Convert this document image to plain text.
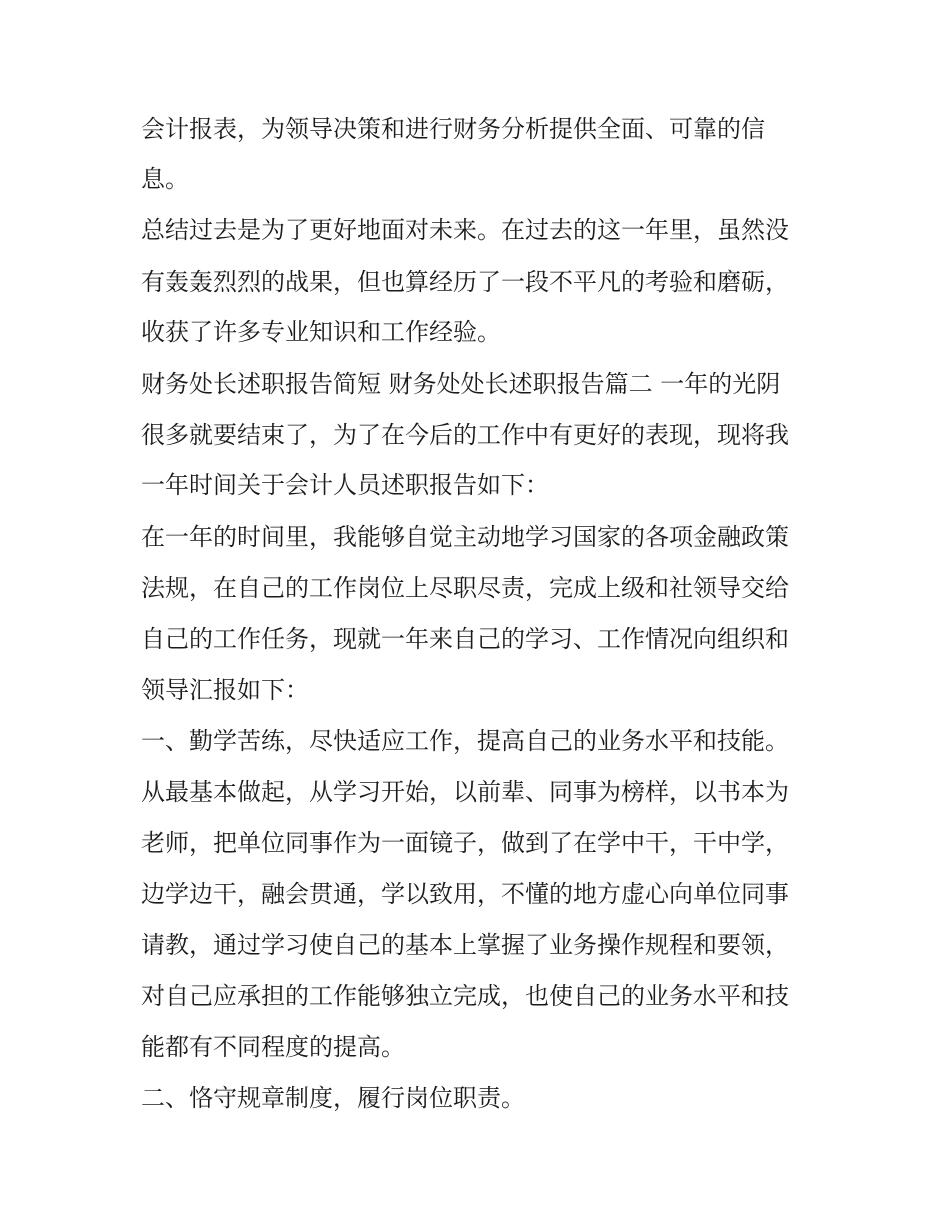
会计报表，为领导决策和进行财务分析提供全面、可靠的信
息。
总结过去是为了更好地面对未来。在过去的这一年里，虽然没
有轰轰烈烈的战果，但也算经历了一段不平凡的考验和磨砺，
收获了许多专业知识和工作经验。
财务处长述职报告简短 财务处处长述职报告篇二 一年的光阴
很多就要结束了，为了在今后的工作中有更好的表现，现将我
一年时间关于会计人员述职报告如下：
在一年的时间里，我能够自觉主动地学习国家的各项金融政策
法规，在自己的工作岗位上尽职尽责，完成上级和社领导交给
自己的工作任务，现就一年来自己的学习、工作情况向组织和
领导汇报如下：
一、勤学苦练，尽快适应工作，提高自己的业务水平和技能。
从最基本做起，从学习开始，以前辈、同事为榜样，以书本为
老师，把单位同事作为一面镜子，做到了在学中干，干中学，
边学边干，融会贯通，学以致用，不懂的地方虚心向单位同事
请教，通过学习使自己的基本上掌握了业务操作规程和要领，
对自己应承担的工作能够独立完成，也使自己的业务水平和技
能都有不同程度的提高。
二、恪守规章制度，履行岗位职责。
